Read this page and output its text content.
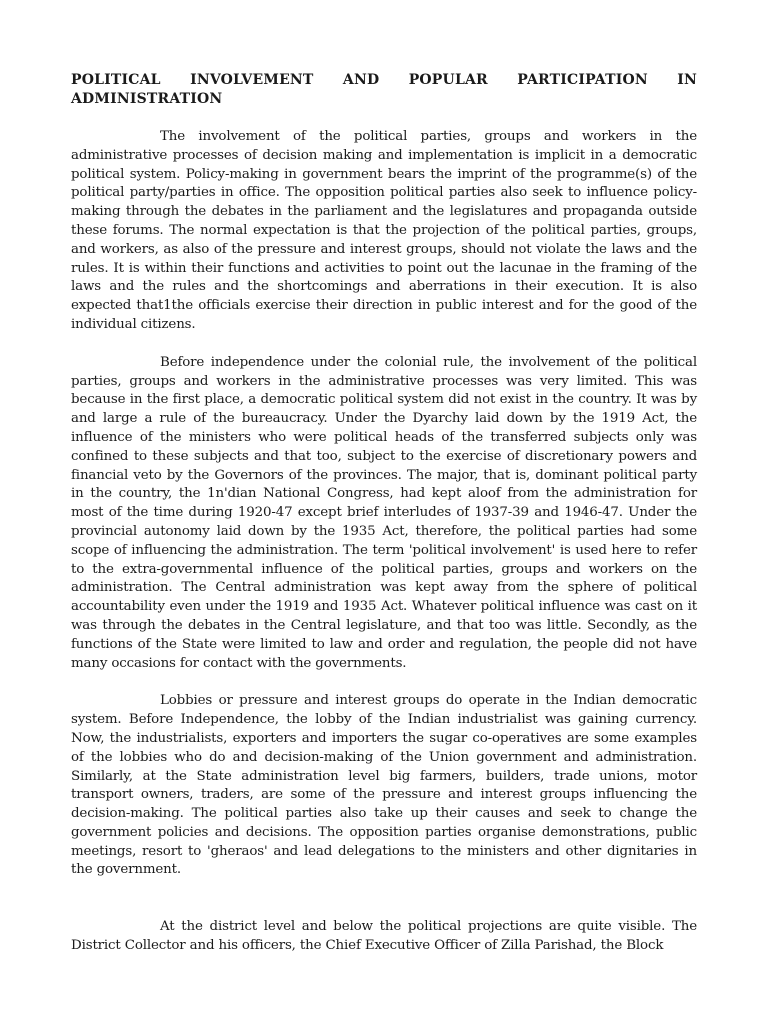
POLITICAL INVOLVEMENT AND POPULAR PARTICIPATION IN
ADMINISTRATION

The involvement of the political parties, groups and workers in the administrative processes of decision making and implementation is implicit in a democratic political system. Policy-making in government bears the imprint of the programme(s) of the political party/parties in office. The opposition political parties also seek to influence policy-making through the debates in the parliament and the legislatures and propaganda outside these forums. The normal expectation is that the projection of the political parties, groups, and workers, as also of the pressure and interest groups, should not violate the laws and the rules. It is within their functions and activities to point out the lacunae in the framing of the laws and the rules and the shortcomings and aberrations in their execution. It is also expected that1the officials exercise their direction in public interest and for the good of the individual citizens.

Before independence under the colonial rule, the involvement of the political parties, groups and workers in the administrative processes was very limited. This was because in the first place, a democratic political system did not exist in the country. It was by and large a rule of the bureaucracy. Under the Dyarchy laid down by the 1919 Act, the influence of the ministers who were political heads of the transferred subjects only was confined to these subjects and that too, subject to the exercise of discretionary powers and financial veto by the Governors of the provinces. The major, that is, dominant political party in the country, the 1n'dian National Congress, had kept aloof from the administration for most of the time during 1920-47 except brief interludes of 1937-39 and 1946-47. Under the provincial autonomy laid down by the 1935 Act, therefore, the political parties had some scope of influencing the administration. The term 'political involvement' is used here to refer to the extra-governmental influence of the political parties, groups and workers on the administration. The Central administration was kept away from the sphere of political accountability even under the 1919 and 1935 Act. Whatever political influence was cast on it was through the debates in the Central legislature, and that too was little. Secondly, as the functions of the State were limited to law and order and regulation, the people did not have many occasions for contact with the governments.

Lobbies or pressure and interest groups do operate in the Indian democratic system. Before Independence, the lobby of the Indian industrialist was gaining currency. Now, the industrialists, exporters and importers the sugar co-operatives are some examples of the lobbies who do and decision-making of the Union government and administration. Similarly, at the State administration level big farmers, builders, trade unions, motor transport owners, traders, are some of the pressure and interest groups influencing the decision-making. The political parties also take up their causes and seek to change the government policies and decisions. The opposition parties organise demonstrations, public meetings, resort to 'gheraos' and lead delegations to the ministers and other dignitaries in the government.

At the district level and below the political projections are quite visible. The District Collector and his officers, the Chief Executive Officer of Zilla Parishad, the Block
